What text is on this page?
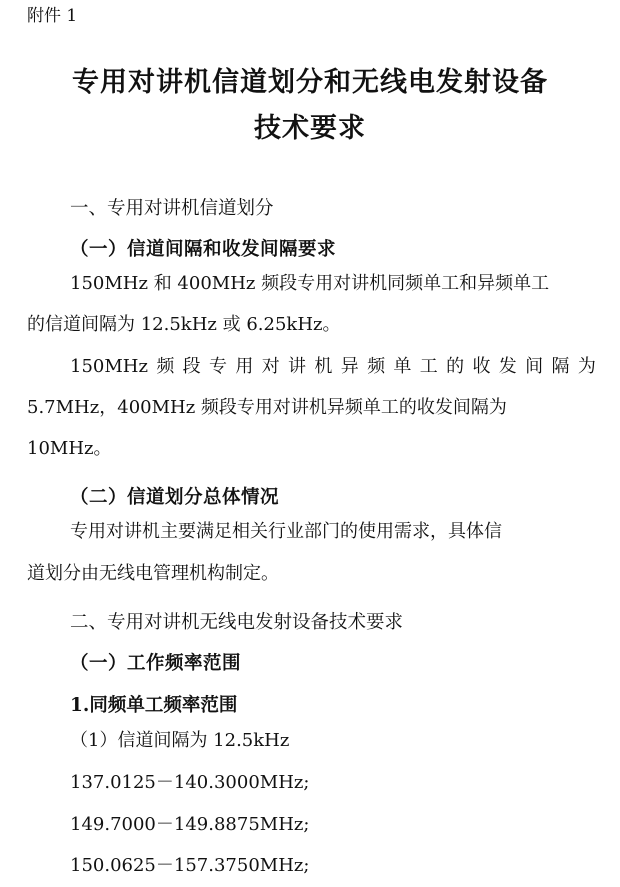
附件 1
专用对讲机信道划分和无线电发射设备
技术要求
一、专用对讲机信道划分
（一）信道间隔和收发间隔要求
150MHz 和 400MHz 频段专用对讲机同频单工和异频单工
的信道间隔为 12.5kHz 或 6.25kHz。
150MHz 频 段 专 用 对 讲 机 异 频 单 工 的 收 发 间 隔 为
5.7MHz，400MHz 频段专用对讲机异频单工的收发间隔为
10MHz。
（二）信道划分总体情况
专用对讲机主要满足相关行业部门的使用需求，具体信
道划分由无线电管理机构制定。
二、专用对讲机无线电发射设备技术要求
（一）工作频率范围
1.同频单工频率范围
（1）信道间隔为 12.5kHz
137.0125－140.3000MHz;
149.7000－149.8875MHz;
150.0625－157.3750MHz;
